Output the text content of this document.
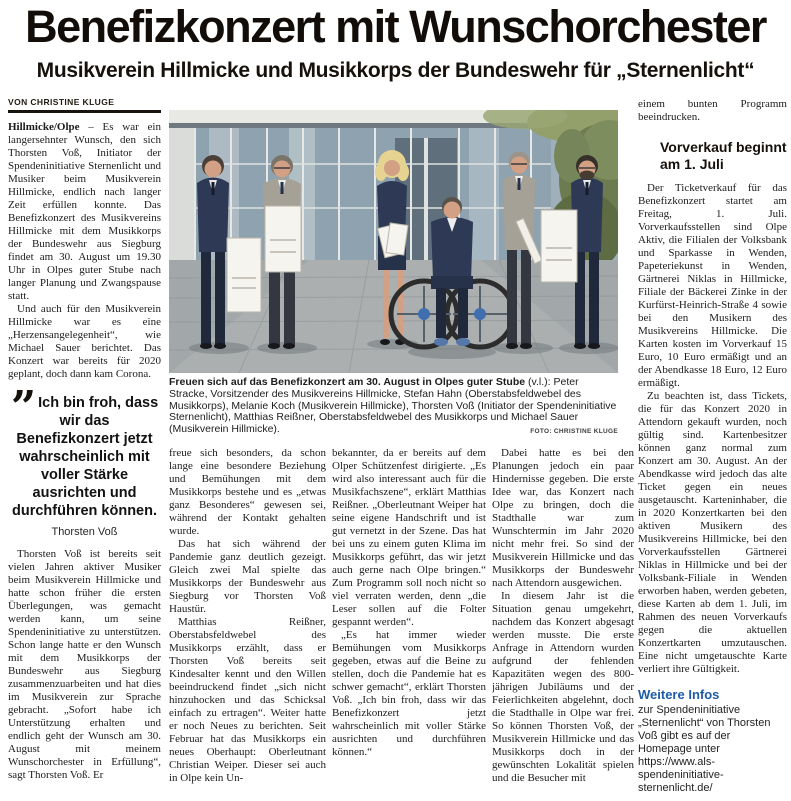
Benefizkonzert mit Wunschorchester
Musikverein Hillmicke und Musikkorps der Bundeswehr für „Sternenlicht“
VON CHRISTINE KLUGE
Freuen sich auf das Benefizkonzert am 30. August in Olpes guter Stube (v.l.): Peter Stracke, Vorsitzender des Musikvereins Hillmicke, Stefan Hahn (Oberstabsfeldwebel des Musikkorps), Melanie Koch (Musikverein Hillmicke), Thorsten Voß (Initiator der Spendeninitiative Sternenlicht), Matthias Reißner, Oberstabsfeldwebel des Musikkorps und Michael Sauer (Musikverein Hillmicke).	FOTO: CHRISTINE KLUGE

Hillmicke/Olpe – Es war ein langersehnter Wunsch, den sich Thorsten Voß, Initiator der Spendeninitiative Sternenlicht und Musiker beim Musikverein Hillmicke, endlich nach langer Zeit erfüllen konnte. Das Benefizkonzert des Musikvereins Hillmicke mit dem Musikkorps der Bundeswehr aus Siegburg findet am 30. August um 19.30 Uhr in Olpes guter Stube nach langer Planung und Zwangspause statt.

Und auch für den Musikverein Hillmicke war es eine „Herzensangelegenheit“, wie Michael Sauer berichtet. Das Konzert war bereits für 2020 geplant, doch dann kam Corona.

” Ich bin froh, dass wir das Benefizkonzert jetzt wahrscheinlich mit voller Stärke ausrichten und durchführen können.
Thorsten Voß

Thorsten Voß ist bereits seit vielen Jahren aktiver Musiker beim Musikverein Hillmicke und hatte schon früher die ersten Überlegungen, was gemacht werden kann, um seine Spendeninitiative zu unterstützen. Schon lange hatte er den Wunsch mit dem Musikkorps der Bundeswehr aus Siegburg zusammenzuarbeiten und hat dies im Musikverein zur Sprache gebracht. „Sofort habe ich Unterstützung erhalten und endlich geht der Wunsch am 30. August mit meinem Wunschorchester in Erfüllung“, sagt Thorsten Voß. Er

freue sich besonders, da schon lange eine besondere Beziehung und Bemühungen mit dem Musikkorps bestehe und es „etwas ganz Besonderes“ gewesen sei, während der Kontakt gehalten wurde.

Das hat sich während der Pandemie ganz deutlich gezeigt. Gleich zwei Mal spielte das Musikkorps der Bundeswehr aus Siegburg vor Thorsten Voß Haustür.

Matthias Reißner, Oberstabsfeldwebel des Musikkorps erzählt, dass er Thorsten Voß bereits seit Kindesalter kennt und den Willen beeindruckend findet „sich nicht hinzuhocken und das Schicksal einfach zu ertragen“. Weiter hatte er noch Neues zu berichten. Seit Februar hat das Musikkorps ein neues Oberhaupt: Oberleutnant Christian Weiper. Dieser sei auch in Olpe kein Un-

bekannter, da er bereits auf dem Olper Schützenfest dirigierte. „Es wird also interessant auch für die Musikfachszene“, erklärt Matthias Reißner. „Oberleutnant Weiper hat seine eigene Handschrift und ist gut vernetzt in der Szene. Das hat bei uns zu einem guten Klima im Musikkorps geführt, das wir jetzt auch gerne nach Olpe bringen.“ Zum Programm soll noch nicht so viel verraten werden, denn „die Leser sollen auf die Folter gespannt werden“.

„Es hat immer wieder Bemühungen vom Musikkorps gegeben, etwas auf die Beine zu stellen, doch die Pandemie hat es schwer gemacht“, erklärt Thorsten Voß. „Ich bin froh, dass wir das Benefizkonzert jetzt wahrscheinlich mit voller Stärke ausrichten und durchführen können.“

Dabei hatte es bei den Planungen jedoch ein paar Hindernisse gegeben. Die erste Idee war, das Konzert nach Olpe zu bringen, doch die Stadthalle war zum Wunschtermin im Jahr 2020 nicht mehr frei. So sind der Musikverein Hillmicke und das Musikkorps der Bundeswehr nach Attendorn ausgewichen.

In diesem Jahr ist die Situation genau umgekehrt, nachdem das Konzert abgesagt werden musste. Die erste Anfrage in Attendorn wurden aufgrund der fehlenden Kapazitäten wegen des 800-jährigen Jubiläums und der Feierlichkeiten abgelehnt, doch die Stadthalle in Olpe war frei. So können Thorsten Voß, der Musikverein Hillmicke und das Musikkorps doch in der gewünschten Lokalität spielen und die Besucher mit

einem bunten Programm beeindrucken.

Vorverkauf beginnt
am 1. Juli

Der Ticketverkauf für das Benefizkonzert startet am Freitag, 1. Juli. Vorverkaufsstellen sind Olpe Aktiv, die Filialen der Volksbank und Sparkasse in Wenden, Papeteriekunst in Wenden, Gärtnerei Niklas in Hillmicke, Filiale der Bäckerei Zinke in der Kurfürst-Heinrich-Straße 4 sowie bei den Musikern des Musikvereins Hillmicke. Die Karten kosten im Vorverkauf 15 Euro, 10 Euro ermäßigt und an der Abendkasse 18 Euro, 12 Euro ermäßigt.

Zu beachten ist, dass Tickets, die für das Konzert 2020 in Attendorn gekauft wurden, noch gültig sind. Kartenbesitzer können ganz normal zum Konzert am 30. August. An der Abendkasse wird jedoch das alte Ticket gegen ein neues ausgetauscht. Karteninhaber, die in 2020 Konzertkarten bei den aktiven Musikern des Musikvereins Hillmicke, bei den Vorverkaufsstellen Gärtnerei Niklas in Hillmicke und bei der Volksbank-Filiale in Wenden erworben haben, werden gebeten, diese Karten ab dem 1. Juli, im Rahmen des neuen Vorverkaufs gegen die aktuellen Konzertkarten umzutauschen. Eine nicht umgetauschte Karte verliert ihre Gültigkeit.

Weitere Infos

zur Spendeninitiative „Sternenlicht“ von Thorsten Voß gibt es auf der Homepage unter https://www.als-spendeninitiative-sternenlicht.de/
